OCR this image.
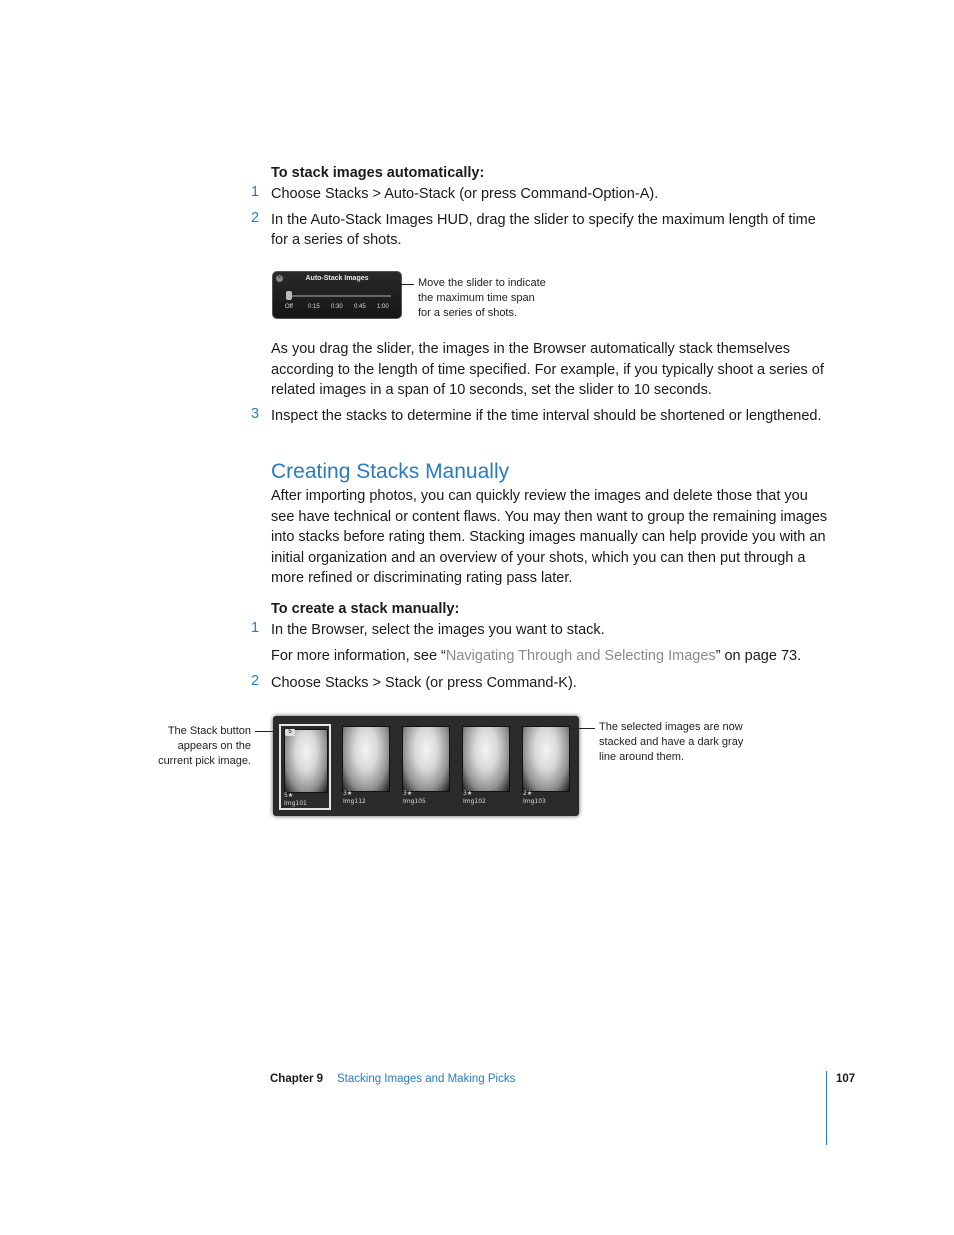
To stack images automatically:
1 Choose Stacks > Auto-Stack (or press Command-Option-A).
2 In the Auto-Stack Images HUD, drag the slider to specify the maximum length of time
for a series of shots.
×	Auto-Stack Images
Off	0:15 0:30 0:45 1:00
Move the slider to indicate
the maximum time span
for a series of shots.
As you drag the slider, the images in the Browser automatically stack themselves
according to the length of time specified. For example, if you typically shoot a series of
related images in a span of 10 seconds, set the slider to 10 seconds.
3 Inspect the stacks to determine if the time interval should be shortened or lengthened.
Creating Stacks Manually
After importing photos, you can quickly review the images and delete those that you
see have technical or content flaws. You may then want to group the remaining images
into stacks before rating them. Stacking images manually can help provide you with an
initial organization and an overview of your shots, which you can then put through a
more refined or discriminating rating pass later.
To create a stack manually:
1 In the Browser, select the images you want to stack.
For more information, see “Navigating Through and Selecting Images” on page 73.
2 Choose Stacks > Stack (or press Command-K).
The Stack button
appears on the
current pick image.
5
5★
Img101
3★
Img112
3★
Img105
3★
Img102
2★
Img103
The selected images are now
stacked and have a dark gray
line around them.
Chapter 9 Stacking Images and Making Picks	107
